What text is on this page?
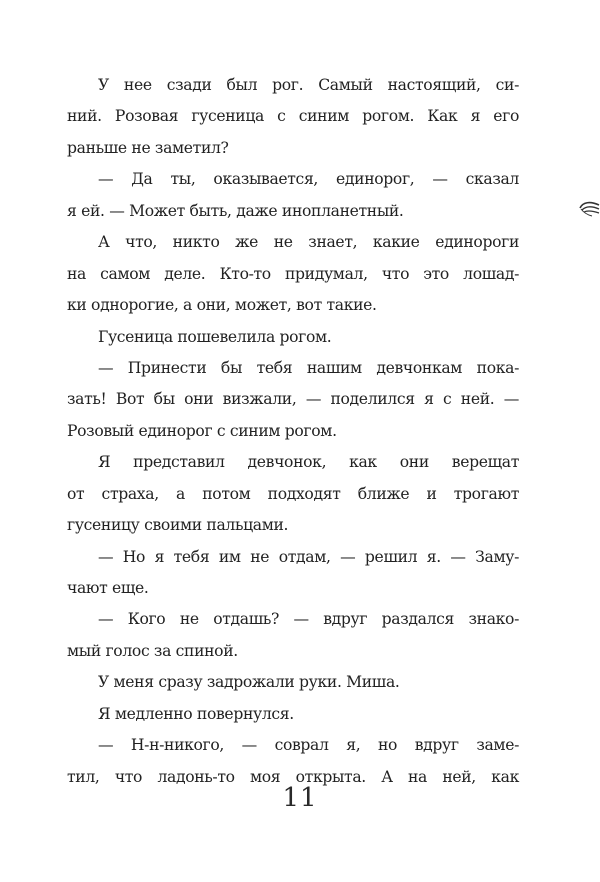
У нее сзади был рог. Самый настоящий, си-
ний. Розовая гусеница с синим рогом. Как я его
раньше не заметил?
— Да ты, оказывается, единорог, — сказал
я ей. — Может быть, даже инопланетный.
А что, никто же не знает, какие единороги
на самом деле. Кто-то придумал, что это лошад-
ки однорогие, а они, может, вот такие.
Гусеница пошевелила рогом.
— Принести бы тебя нашим девчонкам пока-
зать! Вот бы они визжали, — поделился я с ней. —
Розовый единорог с синим рогом.
Я представил девчонок, как они верещат
от страха, а потом подходят ближе и трогают
гусеницу своими пальцами.
— Но я тебя им не отдам, — решил я. — Заму-
чают еще.
— Кого не отдашь? — вдруг раздался знако-
мый голос за спиной.
У меня сразу задрожали руки. Миша.
Я медленно повернулся.
— Н-н-никого, — соврал я, но вдруг заме-
тил, что ладонь-то моя открыта. А на ней, как
11
